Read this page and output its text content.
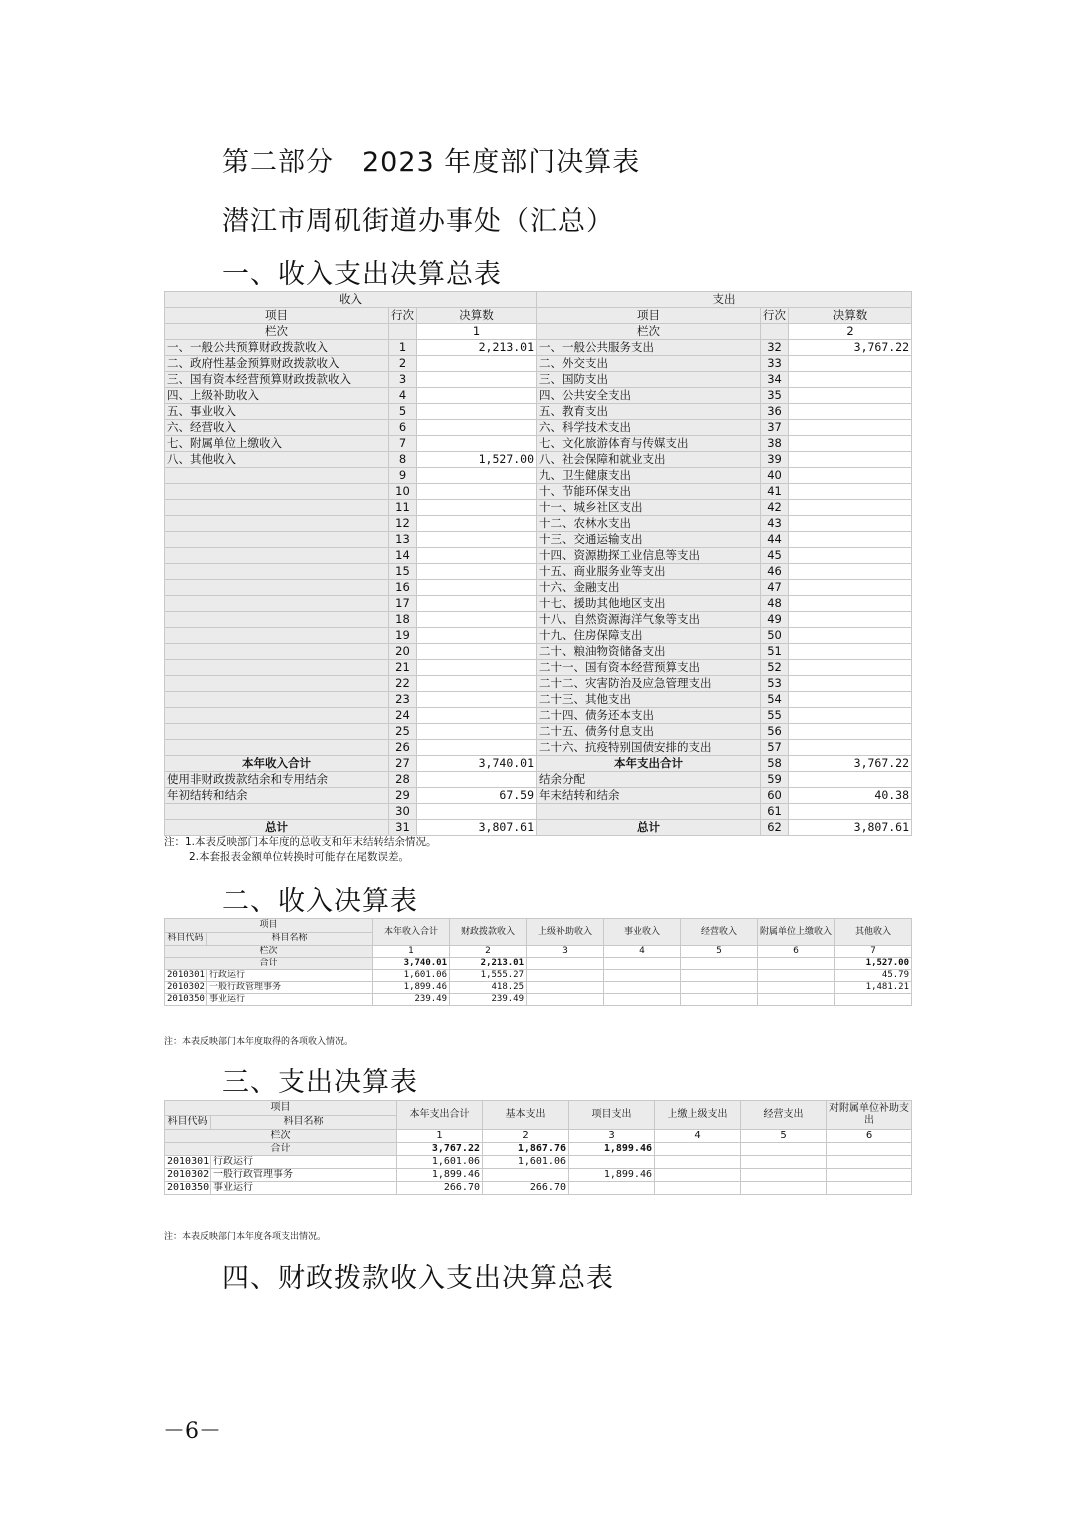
第二部分　2023 年度部门决算表
潜江市周矶街道办事处（汇总）
一、收入支出决算总表
收入			支出		
项目	行次	决算数	项目	行次	决算数
栏次		1	栏次		2
一、一般公共预算财政拨款收入	1	2,213.01	一、一般公共服务支出	32	3,767.22
二、政府性基金预算财政拨款收入	2		二、外交支出	33	
三、国有资本经营预算财政拨款收入	3		三、国防支出	34	
四、上级补助收入	4		四、公共安全支出	35	
五、事业收入	5		五、教育支出	36	
六、经营收入	6		六、科学技术支出	37	
七、附属单位上缴收入	7		七、文化旅游体育与传媒支出	38	
八、其他收入	8	1,527.00	八、社会保障和就业支出	39	
	9		九、卫生健康支出	40	
	10		十、节能环保支出	41	
	11		十一、城乡社区支出	42	
	12		十二、农林水支出	43	
	13		十三、交通运输支出	44	
	14		十四、资源勘探工业信息等支出	45	
	15		十五、商业服务业等支出	46	
	16		十六、金融支出	47	
	17		十七、援助其他地区支出	48	
	18		十八、自然资源海洋气象等支出	49	
	19		十九、住房保障支出	50	
	20		二十、粮油物资储备支出	51	
	21		二十一、国有资本经营预算支出	52	
	22		二十二、灾害防治及应急管理支出	53	
	23		二十三、其他支出	54	
	24		二十四、债务还本支出	55	
	25		二十五、债务付息支出	56	
	26		二十六、抗疫特别国债安排的支出	57	
本年收入合计	27	3,740.01	本年支出合计	58	3,767.22
使用非财政拨款结余和专用结余	28		结余分配	59	
年初结转和结余	29	67.59	年末结转和结余	60	40.38
	30			61	
总计	31	3,807.61	总计	62	3,807.61
注：1.本表反映部门本年度的总收支和年末结转结余情况。
2.本套报表金额单位转换时可能存在尾数误差。
二、收入决算表
项目		本年收入合计	财政拨款收入	上级补助收入	事业收入	经营收入	附属单位上缴收入	其他收入
科目代码	科目名称							
栏次		1	2	3	4	5	6	7
合计		3,740.01	2,213.01					1,527.00
2010301	行政运行	1,601.06	1,555.27					45.79
2010302	一般行政管理事务	1,899.46	418.25					1,481.21
2010350	事业运行	239.49	239.49					
注：本表反映部门本年度取得的各项收入情况。
三、支出决算表
项目		本年支出合计	基本支出	项目支出	上缴上级支出	经营支出	对附属单位补助支出
科目代码	科目名称						
栏次		1	2	3	4	5	6
合计		3,767.22	1,867.76	1,899.46			
2010301	行政运行	1,601.06	1,601.06				
2010302	一般行政管理事务	1,899.46		1,899.46			
2010350	事业运行	266.70	266.70				
注：本表反映部门本年度各项支出情况。
四、财政拨款收入支出决算总表
－6－
